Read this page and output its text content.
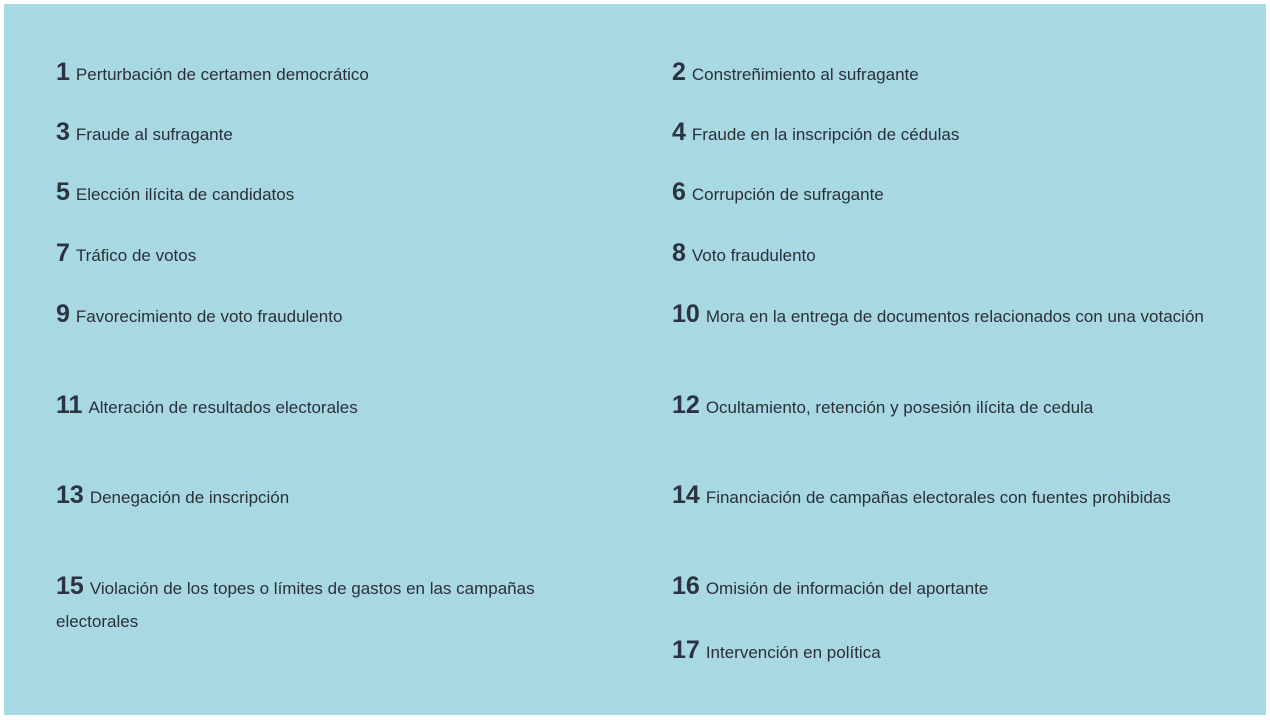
1 Perturbación de certamen democrático
3 Fraude al sufragante
5 Elección ilícita de candidatos
7 Tráfico de votos
9 Favorecimiento de voto fraudulento
11 Alteración de resultados electorales
13 Denegación de inscripción
15 Violación de los topes o límites de gastos en las campañas electorales
2 Constreñimiento al sufragante
4 Fraude en la inscripción de cédulas
6 Corrupción de sufragante
8 Voto fraudulento
10 Mora en la entrega de documentos relacionados con una votación
12 Ocultamiento, retención y posesión ilícita de cedula
14 Financiación de campañas electorales con fuentes prohibidas
16 Omisión de información del aportante
17 Intervención en política
